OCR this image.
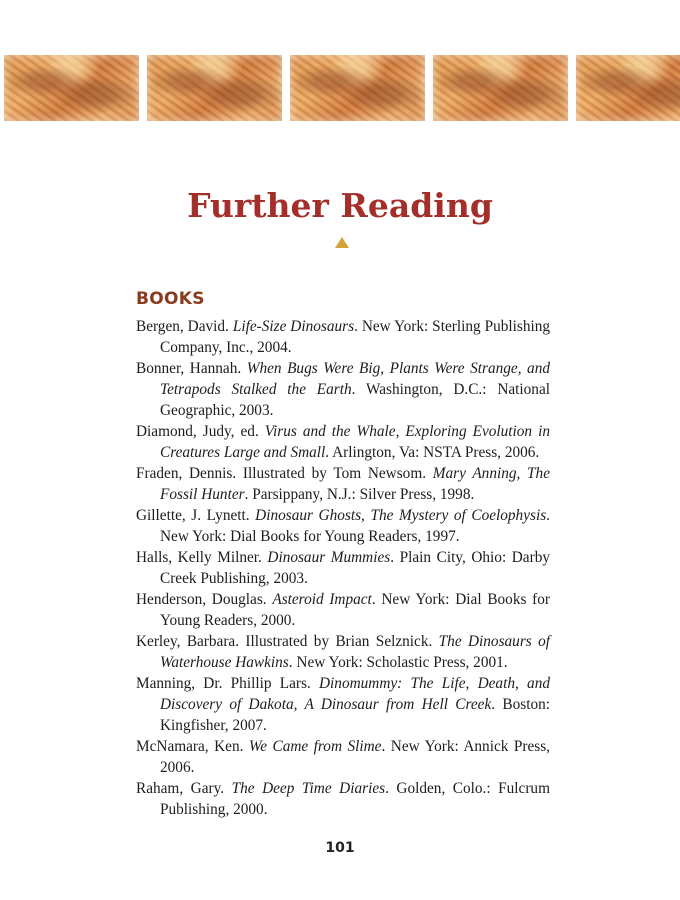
Further Reading
BOOKS
Bergen, David. Life-Size Dinosaurs. New York: Sterling Publishing Company, Inc., 2004.
Bonner, Hannah. When Bugs Were Big, Plants Were Strange, and Tetrapods Stalked the Earth. Washington, D.C.: National Geographic, 2003.
Diamond, Judy, ed. Virus and the Whale, Exploring Evolution in Creatures Large and Small. Arlington, Va: NSTA Press, 2006.
Fraden, Dennis. Illustrated by Tom Newsom. Mary Anning, The Fossil Hunter. Parsippany, N.J.: Silver Press, 1998.
Gillette, J. Lynett. Dinosaur Ghosts, The Mystery of Coelophysis. New York: Dial Books for Young Readers, 1997.
Halls, Kelly Milner. Dinosaur Mummies. Plain City, Ohio: Darby Creek Publishing, 2003.
Henderson, Douglas. Asteroid Impact. New York: Dial Books for Young Readers, 2000.
Kerley, Barbara. Illustrated by Brian Selznick. The Dinosaurs of Waterhouse Hawkins. New York: Scholastic Press, 2001.
Manning, Dr. Phillip Lars. Dinomummy: The Life, Death, and Discovery of Dakota, A Dinosaur from Hell Creek. Boston: Kingfisher, 2007.
McNamara, Ken. We Came from Slime. New York: Annick Press, 2006.
Raham, Gary. The Deep Time Diaries. Golden, Colo.: Fulcrum Publishing, 2000.
101
